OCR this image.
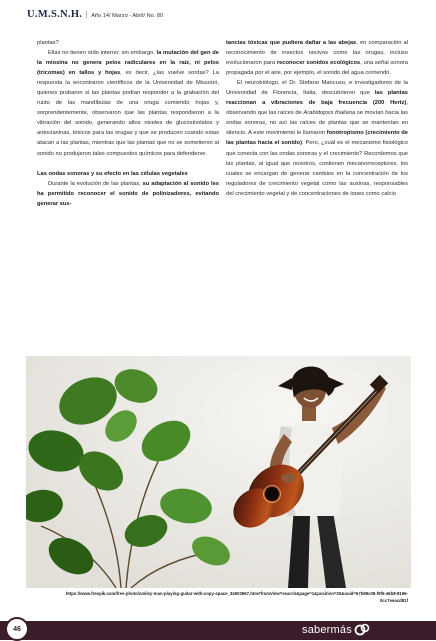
U.M.S.N.H. | Año 14/ Marzo - Abril/ No. 80

plantas?

Ellas no tienen oído interno; sin embargo, la mutación del gen de la miosina no genera pelos radiculares en la raíz, ni pelos (tricomas) en tallos y hojas, es decir, ¿las vuelve sordas? La respuesta la encontraron científicos de la Universidad de Missouri, quienes probaron si las plantas podían responder a la grabación del ruido de las mandíbulas de una oruga comiendo hojas y, sorprendentemente, observaron que las plantas respondieron a la vibración del sonido, generando altos niveles de glucosinolatos y antocianinas, tóxicos para las orugas y que se producen cuando estas atacan a las plantas, mientras que las plantas que no se sometieron al sonido no produjeron tales compuestos químicos para defenderse.

Las ondas sonoras y su efecto en las células vegetales

Durante la evolución de las plantas, su adaptación al sonido les ha permitido reconocer el sonido de polinizadores, evitando generar sus-

tancias tóxicas que pudiera dañar a las abejas, en comparación al reconocimiento de insectos nocivos como las orugas, incluso evolucionaron para reconocer sonidos ecológicos, una señal sonora propagada por el aire, por ejemplo, el sonido del agua corriendo.

El neurobiólogo, el Dr. Stefano Mancuso, e investigadores de la Universidad de Florencia, Italia, descubrieron que las plantas reaccionan a vibraciones de baja frecuencia (200 Hertz), observando que las raíces de Arabidopsis thaliana se movían hacia las ondas sonoras, no así las raíces de plantas que se mantenían en silencio. A este movimiento le llamaron fonotropismo (crecimiento de las plantas hacia el sonido). Pero, ¿cuál es el mecanismo fisiológico que conecta con las ondas sonoras y el crecimiento? Recordemos que las plantas, al igual que nosotros, contienen mecanorreceptores, los cuales se encargan de generar cambios en la concentración de los reguladores de crecimiento vegetal como las auxinas, responsables del crecimiento vegetal y de concentraciones de iones como calcio

https://www.freepik.com/free-photo/smiley-man-playing-guitar-with-copy-space_34603567.htm#fromView=search&page=1&position=20&uuid=67b89c08-f9f5-46b8-8196-0cc7eeacd81f
46	sabermás
